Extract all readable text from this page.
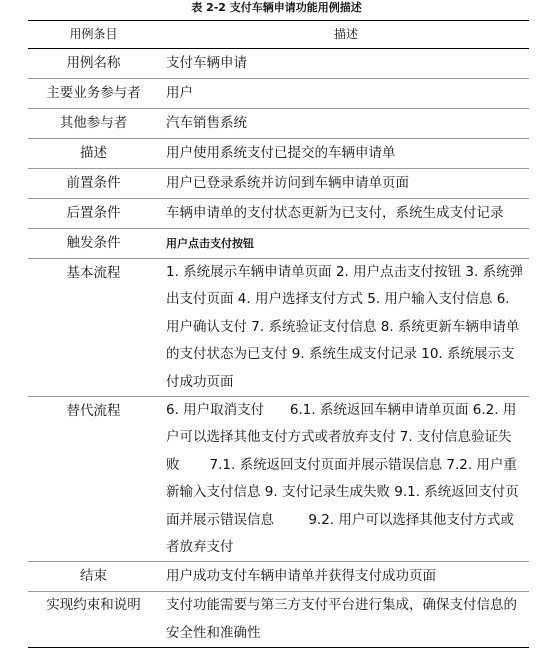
表 2-2 支付车辆申请功能用例描述
用例条目	描述
用例名称	支付车辆申请
主要业务参与者	用户
其他参与者	汽车销售系统
描述	用户使用系统支付已提交的车辆申请单
前置条件	用户已登录系统并访问到车辆申请单页面
后置条件	车辆申请单的支付状态更新为已支付，系统生成支付记录
触发条件	用户点击支付按钮
基本流程	1. 系统展示车辆申请单页面 2. 用户点击支付按钮 3. 系统弹出支付页面 4. 用户选择支付方式 5. 用户输入支付信息 6. 用户确认支付 7. 系统验证支付信息 8. 系统更新车辆申请单的支付状态为已支付 9. 系统生成支付记录 10. 系统展示支付成功页面
替代流程	6. 用户取消支付      6.1. 系统返回车辆申请单页面 6.2. 用户可以选择其他支付方式或者放弃支付 7. 支付信息验证失败       7.1. 系统返回支付页面并展示错误信息 7.2. 用户重新输入支付信息 9. 支付记录生成失败 9.1. 系统返回支付页面并展示错误信息        9.2. 用户可以选择其他支付方式或者放弃支付
结束	用户成功支付车辆申请单并获得支付成功页面
实现约束和说明	支付功能需要与第三方支付平台进行集成，确保支付信息的安全性和准确性
